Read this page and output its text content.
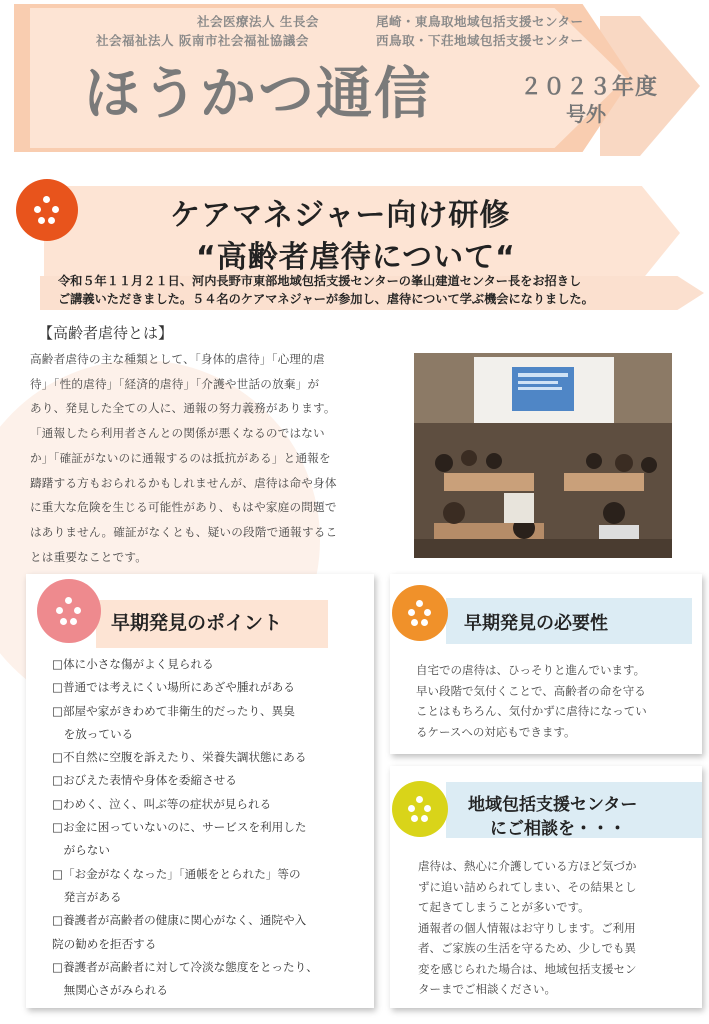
社会医療法人 生長会	尾崎・東鳥取地域包括支援センター
社会福祉法人 阪南市社会福祉協議会	西鳥取・下荘地域包括支援センター
ほうかつ通信	２０２３年度
号外
ケアマネジャー向け研修
“高齢者虐待について“
令和５年１１月２１日、河内長野市東部地域包括支援センターの峯山建道センター長をお招きし
ご講義いただきました。５４名のケアマネジャーが参加し、虐待について学ぶ機会になりました。
【高齢者虐待とは】
高齢者虐待の主な種類として、「身体的虐待」「心理的虐
待」「性的虐待」「経済的虐待」「介護や世話の放棄」が
あり、発見した全ての人に、通報の努力義務があります。
「通報したら利用者さんとの関係が悪くなるのではない
か」「確証がないのに通報するのは抵抗がある」と通報を
躊躇する方もおられるかもしれませんが、虐待は命や身体
に重大な危険を生じる可能性があり、もはや家庭の問題で
はありません。確証がなくとも、疑いの段階で通報するこ
とは重要なことです。
早期発見のポイント
□体に小さな傷がよく見られる
□普通では考えにくい場所にあざや腫れがある
□部屋や家がきわめて非衛生的だったり、異臭
　を放っている
□不自然に空腹を訴えたり、栄養失調状態にある
□おびえた表情や身体を委縮させる
□わめく、泣く、叫ぶ等の症状が見られる
□お金に困っていないのに、サービスを利用した
　がらない
□「お金がなくなった」「通帳をとられた」等の
　発言がある
□養護者が高齢者の健康に関心がなく、通院や入
院の勧めを拒否する
□養護者が高齢者に対して冷淡な態度をとったり、
　無関心さがみられる
早期発見の必要性
自宅での虐待は、ひっそりと進んでいます。
早い段階で気付くことで、高齢者の命を守る
ことはもちろん、気付かずに虐待になってい
るケースへの対応もできます。
地域包括支援センター
にご相談を・・・
虐待は、熱心に介護している方ほど気づか
ずに追い詰められてしまい、その結果とし
て起きてしまうことが多いです。
通報者の個人情報はお守りします。ご利用
者、ご家族の生活を守るため、少しでも異
変を感じられた場合は、地域包括支援セン
ターまでご相談ください。
